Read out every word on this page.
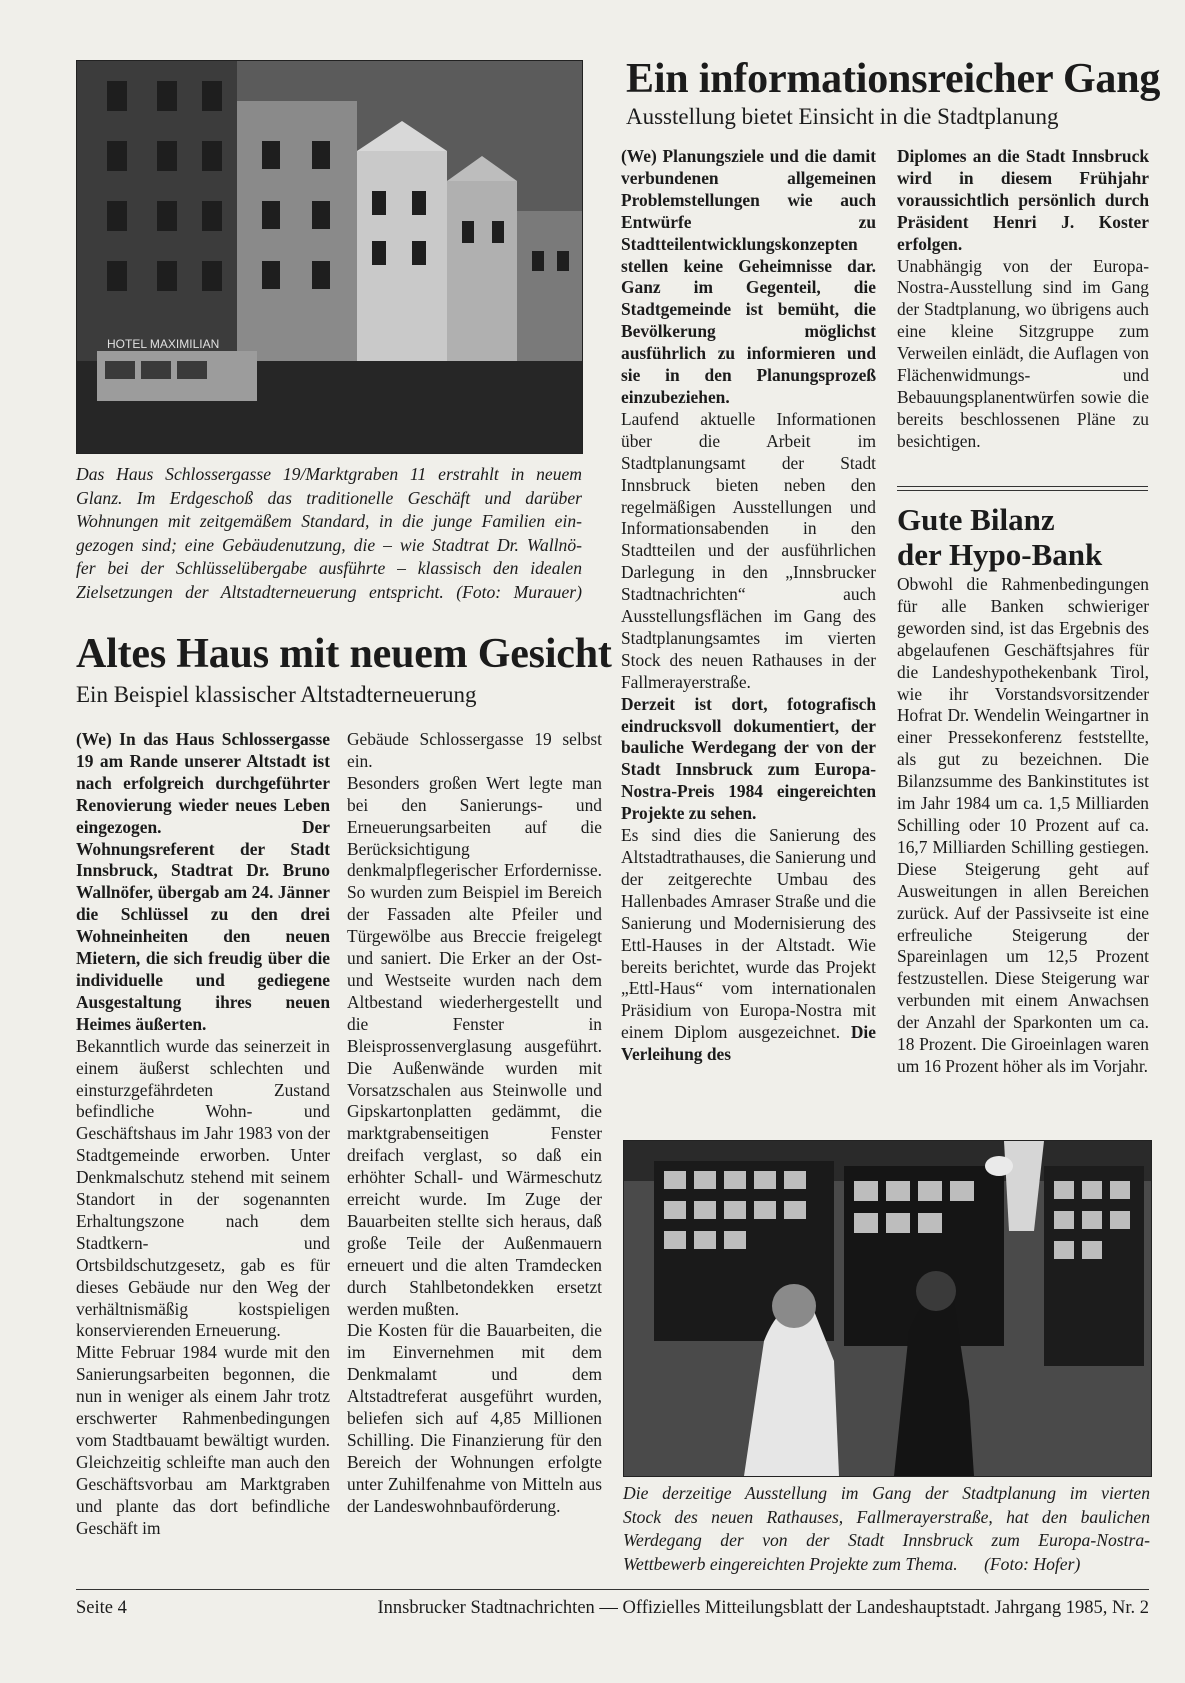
HOTEL MAXIMILIAN
Das Haus Schlossergasse 19/Marktgraben 11 erstrahlt in neuem
Glanz. Im Erdgeschoß das traditionelle Geschäft und darüber
Wohnungen mit zeitgemäßem Standard, in die junge Familien ein-
gezogen sind; eine Gebäudenutzung, die – wie Stadtrat Dr. Wallnö-
fer bei der Schlüsselübergabe ausführte – klassisch den idealen
Zielsetzungen der Altstadterneuerung entspricht. (Foto: Murauer)
Altes Haus mit neuem Gesicht
Ein Beispiel klassischer Altstadterneuerung

(We) In das Haus Schlossergasse 19 am Rande unserer Altstadt ist nach erfolgreich durchgeführter Renovierung wieder neues Leben eingezogen. Der Wohnungsreferent der Stadt Innsbruck, Stadtrat Dr. Bruno Wallnöfer, übergab am 24. Jänner die Schlüssel zu den drei Wohneinheiten den neuen Mietern, die sich freudig über die individuelle und gediegene Ausgestaltung ihres neuen Heimes äußerten.

Bekanntlich wurde das seinerzeit in einem äußerst schlechten und einsturzgefährdeten Zustand befindliche Wohn- und Geschäftshaus im Jahr 1983 von der Stadtgemeinde erworben. Unter Denkmalschutz stehend mit seinem Standort in der sogenannten Erhaltungszone nach dem Stadtkern- und Ortsbildschutzgesetz, gab es für dieses Gebäude nur den Weg der verhältnismäßig kostspieligen konservierenden Erneuerung.

Mitte Februar 1984 wurde mit den Sanierungsarbeiten begonnen, die nun in weniger als einem Jahr trotz erschwerter Rahmenbedingungen vom Stadtbauamt bewältigt wurden. Gleichzeitig schleifte man auch den Geschäftsvorbau am Marktgraben und plante das dort befindliche Geschäft im

Gebäude Schlossergasse 19 selbst ein.

Besonders großen Wert legte man bei den Sanierungs- und Erneuerungsarbeiten auf die Berücksichtigung denkmalpflegerischer Erfordernisse. So wurden zum Beispiel im Bereich der Fassaden alte Pfeiler und Türgewölbe aus Breccie freigelegt und saniert. Die Erker an der Ost- und Westseite wurden nach dem Altbestand wiederhergestellt und die Fenster in Bleisprossenverglasung ausgeführt. Die Außenwände wurden mit Vorsatzschalen aus Steinwolle und Gipskartonplatten gedämmt, die marktgrabenseitigen Fenster dreifach verglast, so daß ein erhöhter Schall- und Wärmeschutz erreicht wurde. Im Zuge der Bauarbeiten stellte sich heraus, daß große Teile der Außenmauern erneuert und die alten Tramdecken durch Stahlbetondekken ersetzt werden mußten.

Die Kosten für die Bauarbeiten, die im Einvernehmen mit dem Denkmalamt und dem Altstadtreferat ausgeführt wurden, beliefen sich auf 4,85 Millionen Schilling. Die Finanzierung für den Bereich der Wohnungen erfolgte unter Zuhilfenahme von Mitteln aus der Landeswohnbauförderung.

Ein informationsreicher Gang
Ausstellung bietet Einsicht in die Stadtplanung

(We) Planungsziele und die damit verbundenen allgemeinen Problemstellungen wie auch Entwürfe zu Stadtteilentwicklungskonzepten stellen keine Geheimnisse dar. Ganz im Gegenteil, die Stadtgemeinde ist bemüht, die Bevölkerung möglichst ausführlich zu informieren und sie in den Planungsprozeß einzubeziehen.

Laufend aktuelle Informationen über die Arbeit im Stadtplanungsamt der Stadt Innsbruck bieten neben den regelmäßigen Ausstellungen und Informationsabenden in den Stadtteilen und der ausführlichen Darlegung in den „Innsbrucker Stadtnachrichten“ auch Ausstellungsflächen im Gang des Stadtplanungsamtes im vierten Stock des neuen Rathauses in der Fallmerayerstraße.

Derzeit ist dort, fotografisch eindrucksvoll dokumentiert, der bauliche Werdegang der von der Stadt Innsbruck zum Europa-Nostra-Preis 1984 eingereichten Projekte zu sehen.

Es sind dies die Sanierung des Altstadtrathauses, die Sanierung und der zeitgerechte Umbau des Hallenbades Amraser Straße und die Sanierung und Modernisierung des Ettl-Hauses in der Altstadt. Wie bereits berichtet, wurde das Projekt „Ettl-Haus“ vom internationalen Präsidium von Europa-Nostra mit einem Diplom ausgezeichnet. Die Verleihung des

Diplomes an die Stadt Innsbruck wird in diesem Frühjahr voraussichtlich persönlich durch Präsident Henri J. Koster erfolgen.

Unabhängig von der Europa-Nostra-Ausstellung sind im Gang der Stadtplanung, wo übrigens auch eine kleine Sitzgruppe zum Verweilen einlädt, die Auflagen von Flächenwidmungs- und Bebauungsplanentwürfen sowie die bereits beschlossenen Pläne zu besichtigen.

Gute Bilanz
der Hypo-Bank

Obwohl die Rahmenbedingungen für alle Banken schwieriger geworden sind, ist das Ergebnis des abgelaufenen Geschäftsjahres für die Landeshypothekenbank Tirol, wie ihr Vorstandsvorsitzender Hofrat Dr. Wendelin Weingartner in einer Pressekonferenz feststellte, als gut zu bezeichnen. Die Bilanzsumme des Bankinstitutes ist im Jahr 1984 um ca. 1,5 Milliarden Schilling oder 10 Prozent auf ca. 16,7 Milliarden Schilling gestiegen. Diese Steigerung geht auf Ausweitungen in allen Bereichen zurück. Auf der Passivseite ist eine erfreuliche Steigerung der Spareinlagen um 12,5 Prozent festzustellen. Diese Steigerung war verbunden mit einem Anwachsen der Anzahl der Sparkonten um ca. 18 Prozent. Die Giroeinlagen waren um 16 Prozent höher als im Vorjahr.

Die derzeitige Ausstellung im Gang der Stadtplanung im vierten
Stock des neuen Rathauses, Fallmerayerstraße, hat den baulichen
Werdegang der von der Stadt Innsbruck zum Europa-Nostra-
Wettbewerb eingereichten Projekte zum Thema.      (Foto: Hofer)
Seite 4	Innsbrucker Stadtnachrichten — Offizielles Mitteilungsblatt der Landeshauptstadt. Jahrgang 1985, Nr. 2
